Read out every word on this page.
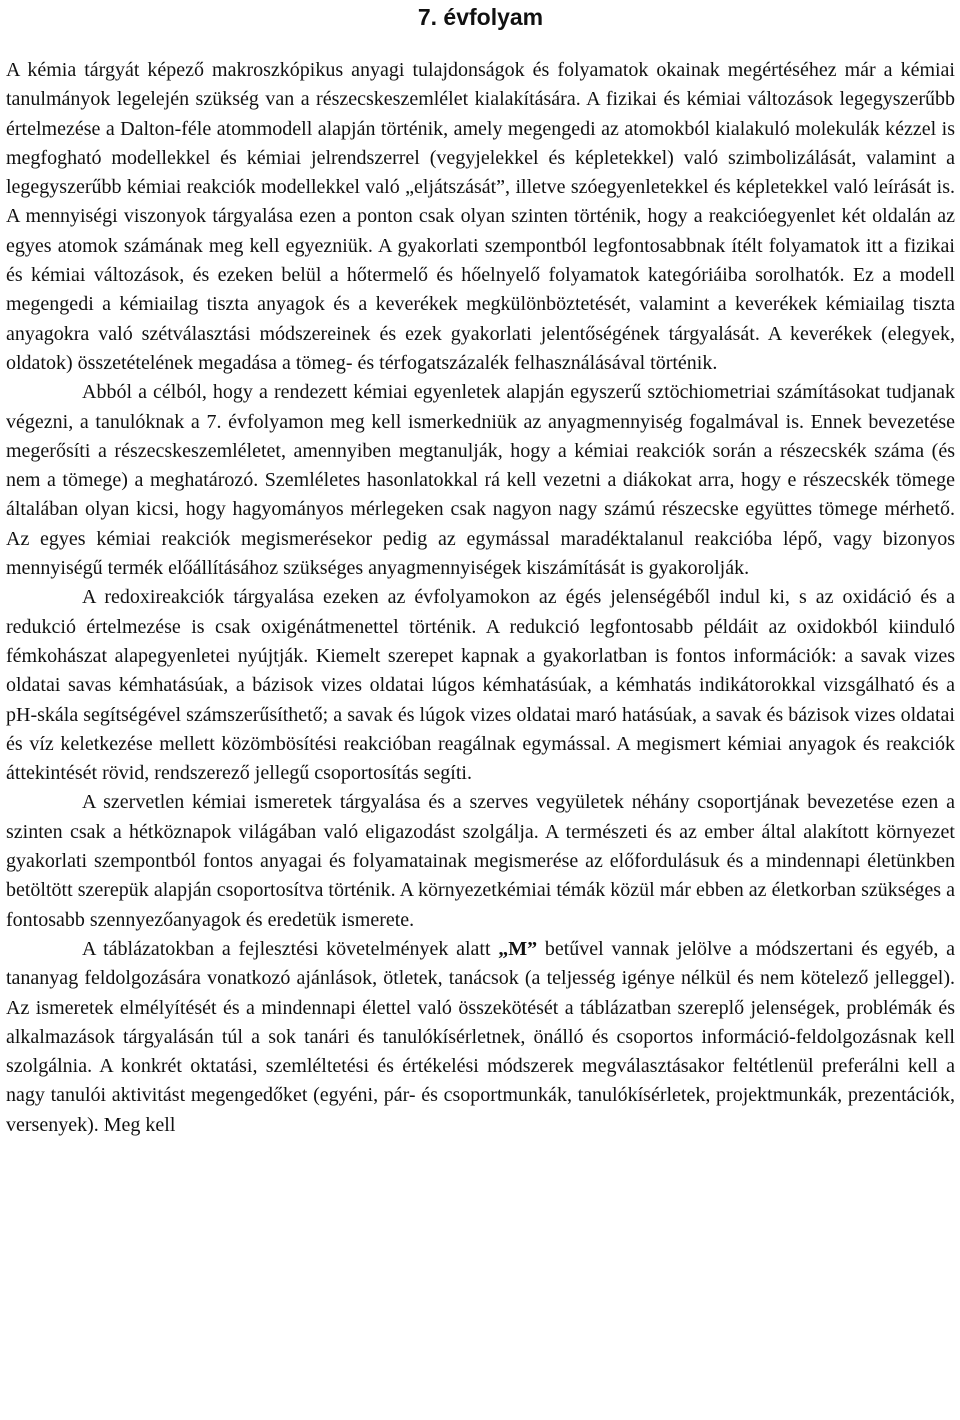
7. évfolyam

A kémia tárgyát képező makroszkópikus anyagi tulajdonságok és folyamatok okainak megértéséhez már a kémiai tanulmányok legelején szükség van a részecskeszemlélet kialakítására. A fizikai és kémiai változások legegyszerűbb értelmezése a Dalton-féle atommodell alapján történik, amely megengedi az atomokból kialakuló molekulák kézzel is megfogható modellekkel és kémiai jelrendszerrel (vegyjelekkel és képletekkel) való szimbolizálását, valamint a legegyszerűbb kémiai reakciók modellekkel való „eljátszását”, illetve szóegyenletekkel és képletekkel való leírását is. A mennyiségi viszonyok tárgyalása ezen a ponton csak olyan szinten történik, hogy a reakcióegyenlet két oldalán az egyes atomok számának meg kell egyezniük. A gyakorlati szempontból legfontosabbnak ítélt folyamatok itt a fizikai és kémiai változások, és ezeken belül a hőtermelő és hőelnyelő folyamatok kategóriáiba sorolhatók. Ez a modell megengedi a kémiailag tiszta anyagok és a keverékek megkülönböztetését, valamint a keverékek kémiailag tiszta anyagokra való szétválasztási módszereinek és ezek gyakorlati jelentőségének tárgyalását. A keverékek (elegyek, oldatok) összetételének megadása a tömeg- és térfogatszázalék felhasználásával történik.

Abból a célból, hogy a rendezett kémiai egyenletek alapján egyszerű sztöchiometriai számításokat tudjanak végezni, a tanulóknak a 7. évfolyamon meg kell ismerkedniük az anyagmennyiség fogalmával is. Ennek bevezetése megerősíti a részecskeszemléletet, amennyiben megtanulják, hogy a kémiai reakciók során a részecskék száma (és nem a tömege) a meghatározó. Szemléletes hasonlatokkal rá kell vezetni a diákokat arra, hogy e részecskék tömege általában olyan kicsi, hogy hagyományos mérlegeken csak nagyon nagy számú részecske együttes tömege mérhető. Az egyes kémiai reakciók megismerésekor pedig az egymással maradéktalanul reakcióba lépő, vagy bizonyos mennyiségű termék előállításához szükséges anyagmennyiségek kiszámítását is gyakorolják.

A redoxireakciók tárgyalása ezeken az évfolyamokon az égés jelenségéből indul ki, s az oxidáció és a redukció értelmezése is csak oxigénátmenettel történik. A redukció legfontosabb példáit az oxidokból kiinduló fémkohászat alapegyenletei nyújtják. Kiemelt szerepet kapnak a gyakorlatban is fontos információk: a savak vizes oldatai savas kémhatásúak, a bázisok vizes oldatai lúgos kémhatásúak, a kémhatás indikátorokkal vizsgálható és a pH-skála segítségével számszerűsíthető; a savak és lúgok vizes oldatai maró hatásúak, a savak és bázisok vizes oldatai és víz keletkezése mellett közömbösítési reakcióban reagálnak egymással. A megismert kémiai anyagok és reakciók áttekintését rövid, rendszerező jellegű csoportosítás segíti.

A szervetlen kémiai ismeretek tárgyalása és a szerves vegyületek néhány csoportjának bevezetése ezen a szinten csak a hétköznapok világában való eligazodást szolgálja. A természeti és az ember által alakított környezet gyakorlati szempontból fontos anyagai és folyamatainak megismerése az előfordulásuk és a mindennapi életünkben betöltött szerepük alapján csoportosítva történik. A környezetkémiai témák közül már ebben az életkorban szükséges a fontosabb szennyezőanyagok és eredetük ismerete.

A táblázatokban a fejlesztési követelmények alatt „M” betűvel vannak jelölve a módszertani és egyéb, a tananyag feldolgozására vonatkozó ajánlások, ötletek, tanácsok (a teljesség igénye nélkül és nem kötelező jelleggel). Az ismeretek elmélyítését és a mindennapi élettel való összekötését a táblázatban szereplő jelenségek, problémák és alkalmazások tárgyalásán túl a sok tanári és tanulókísérletnek, önálló és csoportos információ-feldolgozásnak kell szolgálnia. A konkrét oktatási, szemléltetési és értékelési módszerek megválasztásakor feltétlenül preferálni kell a nagy tanulói aktivitást megengedőket (egyéni, pár- és csoportmunkák, tanulókísérletek, projektmunkák, prezentációk, versenyek). Meg kell
